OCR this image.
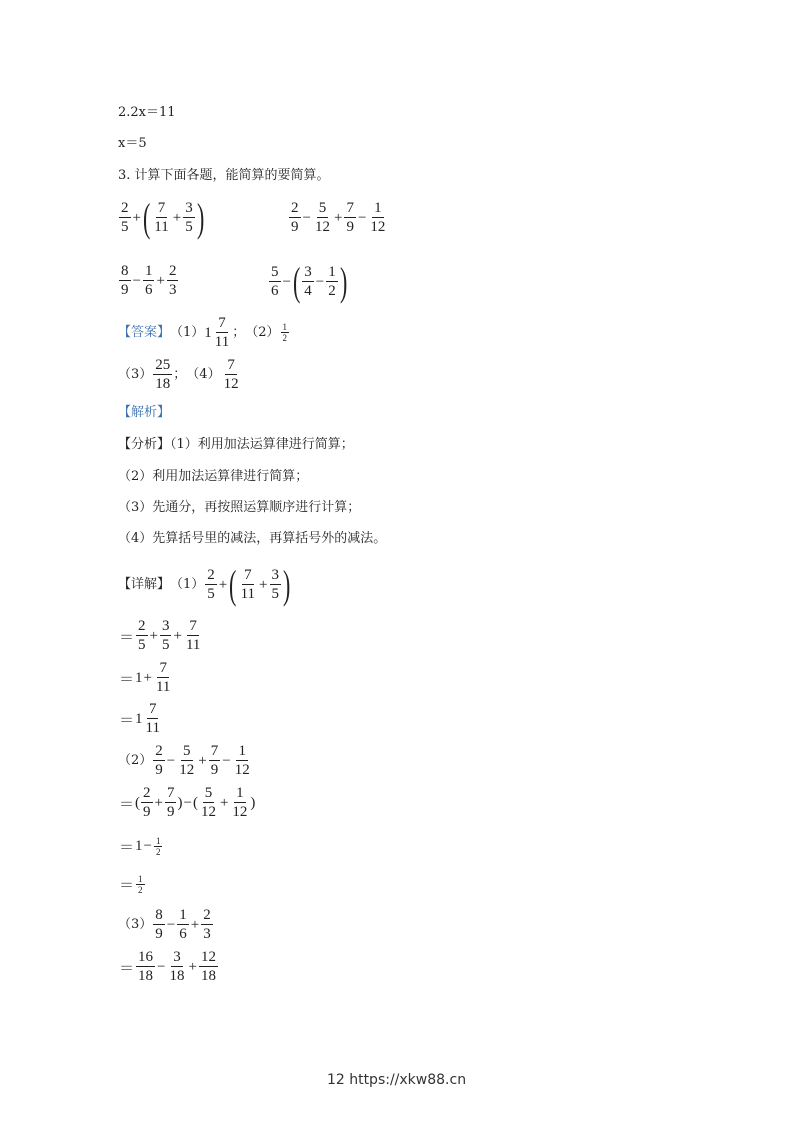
2.2x＝11
x＝5
3. 计算下面各题，能简算的要简算。
$\frac{2}{5}$ + ( $\frac{7}{11} + \frac{3}{5}$ )	$\frac{2}{9} - \frac{5}{12} + \frac{7}{9} - \frac{1}{12}$
$\frac{8}{9} - \frac{1}{6} + \frac{2}{3}$	$\frac{5}{6}$ − ( $\frac{3}{4} - \frac{1}{2}$ )
【答案】 （1） $1 \frac{7}{11}$ ； $(2) \frac{1}{2}$
$(3) \frac{25}{18}$ ； $(4) \frac{7}{12}$
【解析】
【分析】（1）利用加法运算律进行简算；
（2）利用加法运算律进行简算；
（3）先通分，再按照运算顺序进行计算；
（4）先算括号里的减法，再算括号外的减法。
【详解】 $(1) \frac{2}{5}$ + ( $\frac{7}{11} + \frac{3}{5}$ )
＝ $\frac{2}{5} + \frac{3}{5} + \frac{7}{11}$
＝ $1 + \frac{7}{11}$
＝ $1 \frac{7}{11}$
$(2) \frac{2}{9} - \frac{5}{12} + \frac{7}{9} - \frac{1}{12}$
＝ ( $\frac{2}{9} + \frac{7}{9}$ ) − ( $\frac{5}{12} + \frac{1}{12}$ )
＝ $1 - \frac{1}{2}$
＝ $\frac{1}{2}$
$(3) \frac{8}{9} - \frac{1}{6} + \frac{2}{3}$
＝ $\frac{16}{18} - \frac{3}{18} + \frac{12}{18}$
12 https://xkw88.cn
